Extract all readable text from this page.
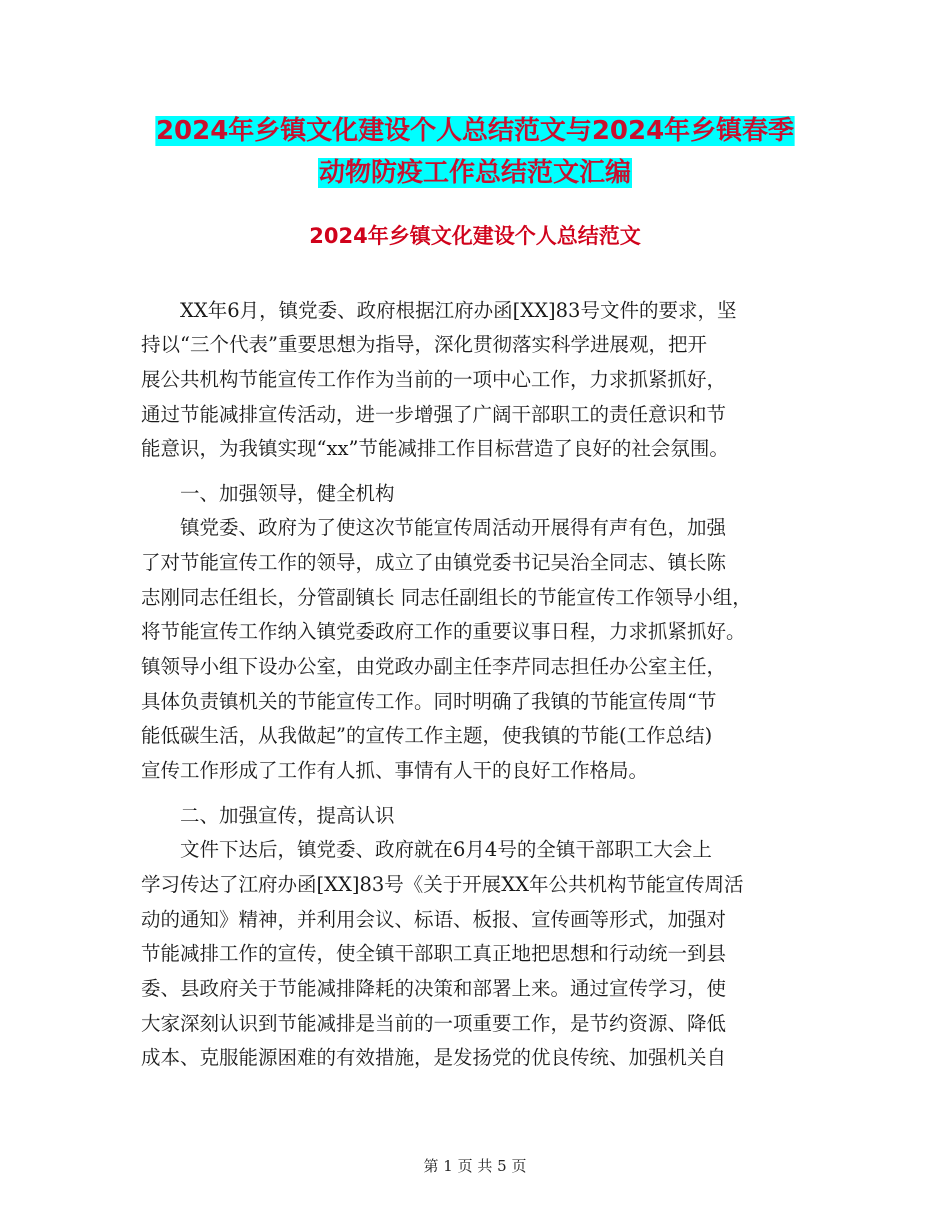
2024年乡镇文化建设个人总结范文与2024年乡镇春季
动物防疫工作总结范文汇编
2024年乡镇文化建设个人总结范文
　　XX年6月，镇党委、政府根据江府办函[XX]83号文件的要求，坚
持以“三个代表”重要思想为指导，深化贯彻落实科学进展观，把开
展公共机构节能宣传工作作为当前的一项中心工作，力求抓紧抓好，
通过节能减排宣传活动，进一步增强了广阔干部职工的责任意识和节
能意识，为我镇实现“xx”节能减排工作目标营造了良好的社会氛围。
　　一、加强领导，健全机构
　　镇党委、政府为了使这次节能宣传周活动开展得有声有色，加强
了对节能宣传工作的领导，成立了由镇党委书记吴治全同志、镇长陈
志刚同志任组长，分管副镇长 同志任副组长的节能宣传工作领导小组，
将节能宣传工作纳入镇党委政府工作的重要议事日程，力求抓紧抓好。
镇领导小组下设办公室，由党政办副主任李芹同志担任办公室主任，
具体负责镇机关的节能宣传工作。同时明确了我镇的节能宣传周“节
能低碳生活，从我做起”的宣传工作主题，使我镇的节能(工作总结)
宣传工作形成了工作有人抓、事情有人干的良好工作格局。
　　二、加强宣传，提高认识
　　文件下达后，镇党委、政府就在6月4号的全镇干部职工大会上
学习传达了江府办函[XX]83号《关于开展XX年公共机构节能宣传周活
动的通知》精神，并利用会议、标语、板报、宣传画等形式，加强对
节能减排工作的宣传，使全镇干部职工真正地把思想和行动统一到县
委、县政府关于节能减排降耗的决策和部署上来。通过宣传学习，使
大家深刻认识到节能减排是当前的一项重要工作，是节约资源、降低
成本、克服能源困难的有效措施，是发扬党的优良传统、加强机关自
第 1 页 共 5 页
